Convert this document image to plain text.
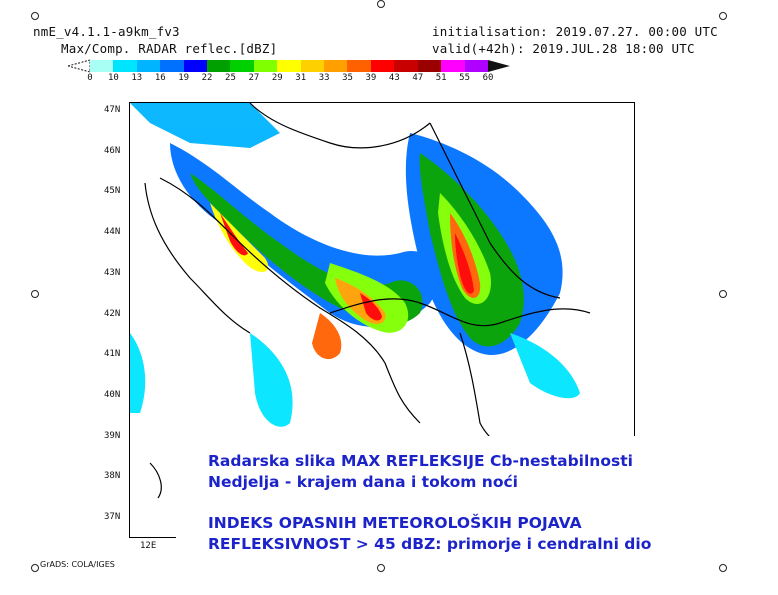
nmE_v4.1.1-a9km_fv3
Max/Comp. RADAR reflec.[dBZ]
initialisation: 2019.07.27. 00:00 UTC
valid(+42h): 2019.JUL.28 18:00 UTC
0 10 13 16 19 22 25 27 29 31 33 35 39 43 47 51 55 60
47N
46N
45N
44N
43N
42N
41N
40N
39N
38N
37N
12E
GrADS: COLA/IGES
Radarska slika MAX REFLEKSIJE Cb-nestabilnosti
Nedjelja - krajem dana i tokom noći
INDEKS OPASNIH METEOROLOŠKIH POJAVA
REFLEKSIVNOST > 45 dBZ: primorje i cendralni dio
